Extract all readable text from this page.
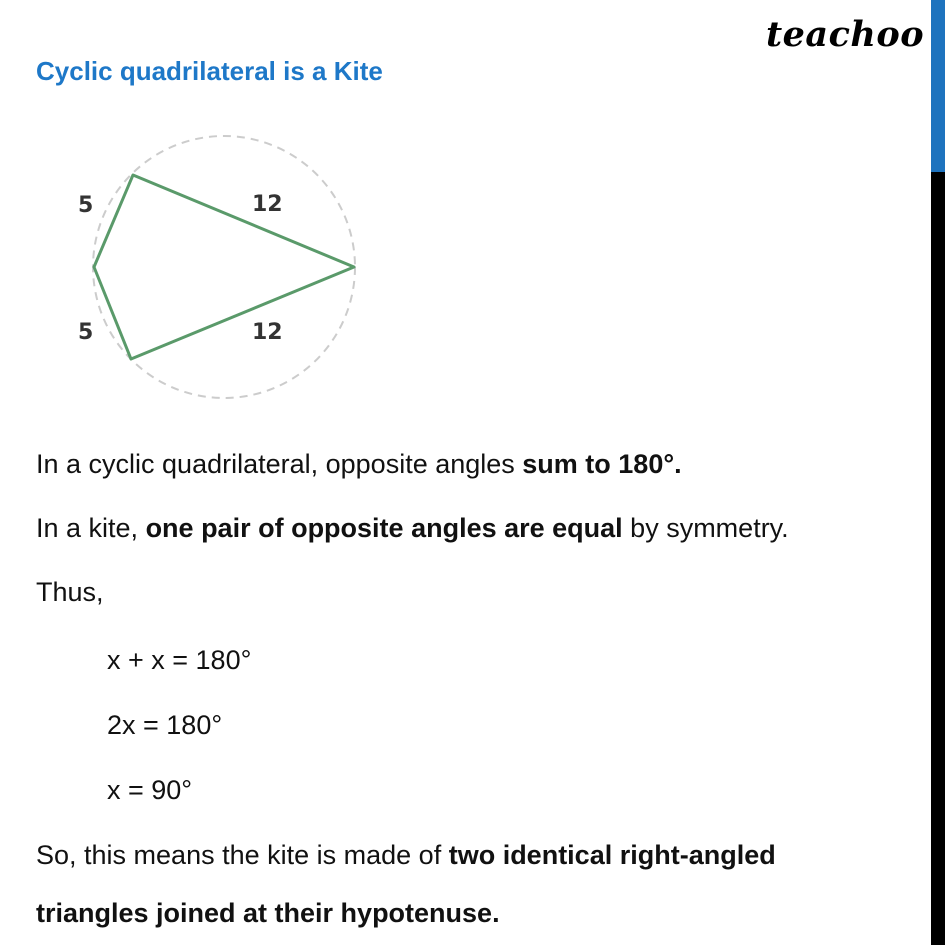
teachoo
Cyclic quadrilateral is a Kite
5
5
12
12
In a cyclic quadrilateral, opposite angles sum to 180°.
In a kite, one pair of opposite angles are equal by symmetry.
Thus,
x + x = 180°
2x = 180°
x = 90°
So, this means the kite is made of two identical right-angled
triangles joined at their hypotenuse.
